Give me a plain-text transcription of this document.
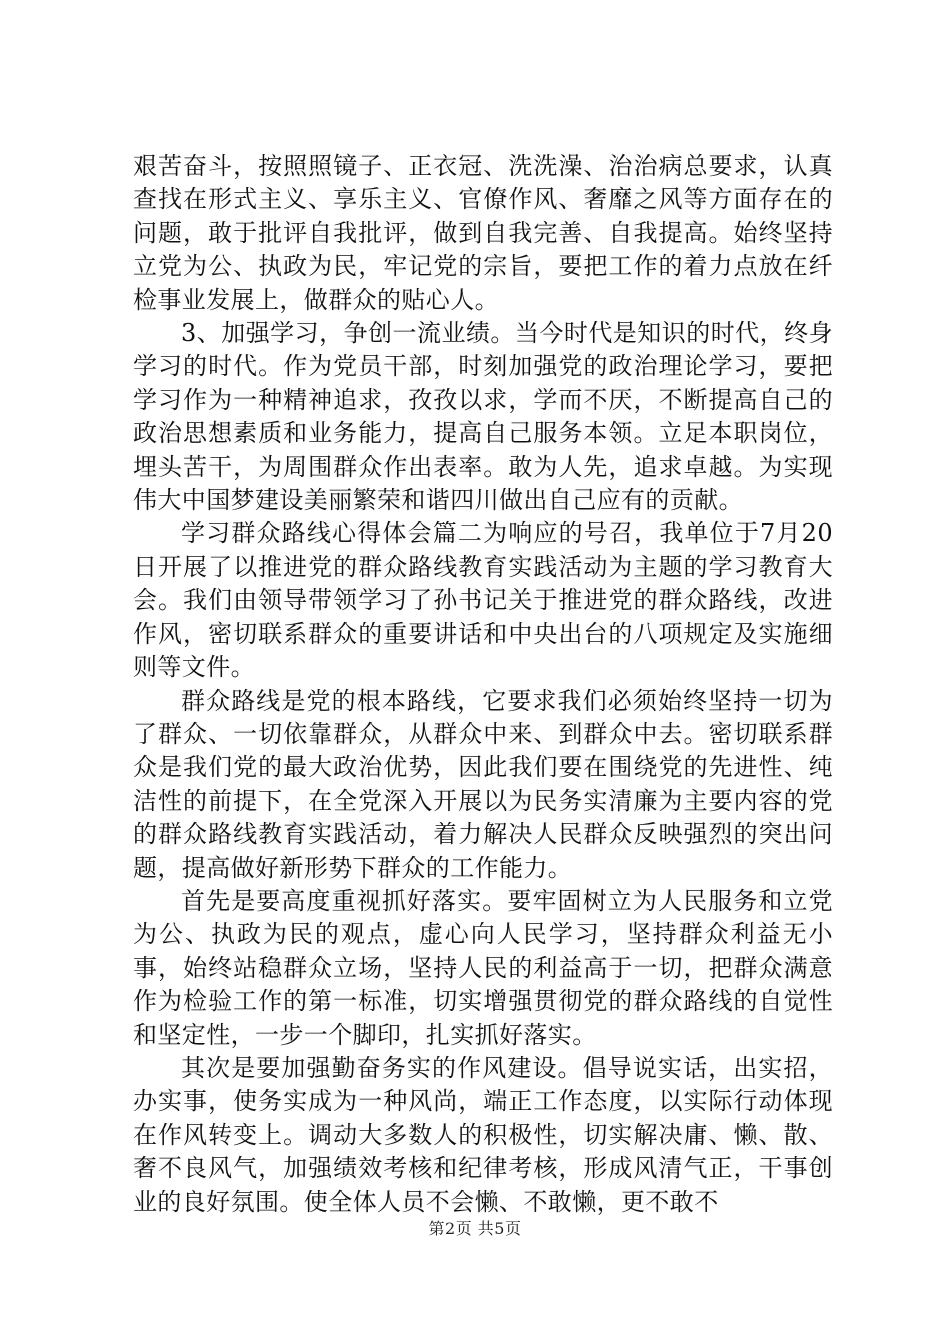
艰苦奋斗，按照照镜子、正衣冠、洗洗澡、治治病总要求，认真查找在形式主义、享乐主义、官僚作风、奢靡之风等方面存在的问题，敢于批评自我批评，做到自我完善、自我提高。始终坚持立党为公、执政为民，牢记党的宗旨，要把工作的着力点放在纤检事业发展上，做群众的贴心人。

3、加强学习，争创一流业绩。当今时代是知识的时代，终身学习的时代。作为党员干部，时刻加强党的政治理论学习，要把学习作为一种精神追求，孜孜以求，学而不厌，不断提高自己的政治思想素质和业务能力，提高自己服务本领。立足本职岗位，埋头苦干，为周围群众作出表率。敢为人先，追求卓越。为实现伟大中国梦建设美丽繁荣和谐四川做出自己应有的贡献。

学习群众路线心得体会篇二为响应的号召，我单位于7月20日开展了以推进党的群众路线教育实践活动为主题的学习教育大会。我们由领导带领学习了孙书记关于推进党的群众路线，改进作风，密切联系群众的重要讲话和中央出台的八项规定及实施细则等文件。

群众路线是党的根本路线，它要求我们必须始终坚持一切为了群众、一切依靠群众，从群众中来、到群众中去。密切联系群众是我们党的最大政治优势，因此我们要在围绕党的先进性、纯洁性的前提下，在全党深入开展以为民务实清廉为主要内容的党的群众路线教育实践活动，着力解决人民群众反映强烈的突出问题，提高做好新形势下群众的工作能力。

首先是要高度重视抓好落实。要牢固树立为人民服务和立党为公、执政为民的观点，虚心向人民学习，坚持群众利益无小事，始终站稳群众立场，坚持人民的利益高于一切，把群众满意作为检验工作的第一标准，切实增强贯彻党的群众路线的自觉性和坚定性，一步一个脚印，扎实抓好落实。

其次是要加强勤奋务实的作风建设。倡导说实话，出实招，办实事，使务实成为一种风尚，端正工作态度，以实际行动体现在作风转变上。调动大多数人的积极性，切实解决庸、懒、散、奢不良风气，加强绩效考核和纪律考核，形成风清气正，干事创业的良好氛围。使全体人员不会懒、不敢懒，更不敢不

第2页 共5页
